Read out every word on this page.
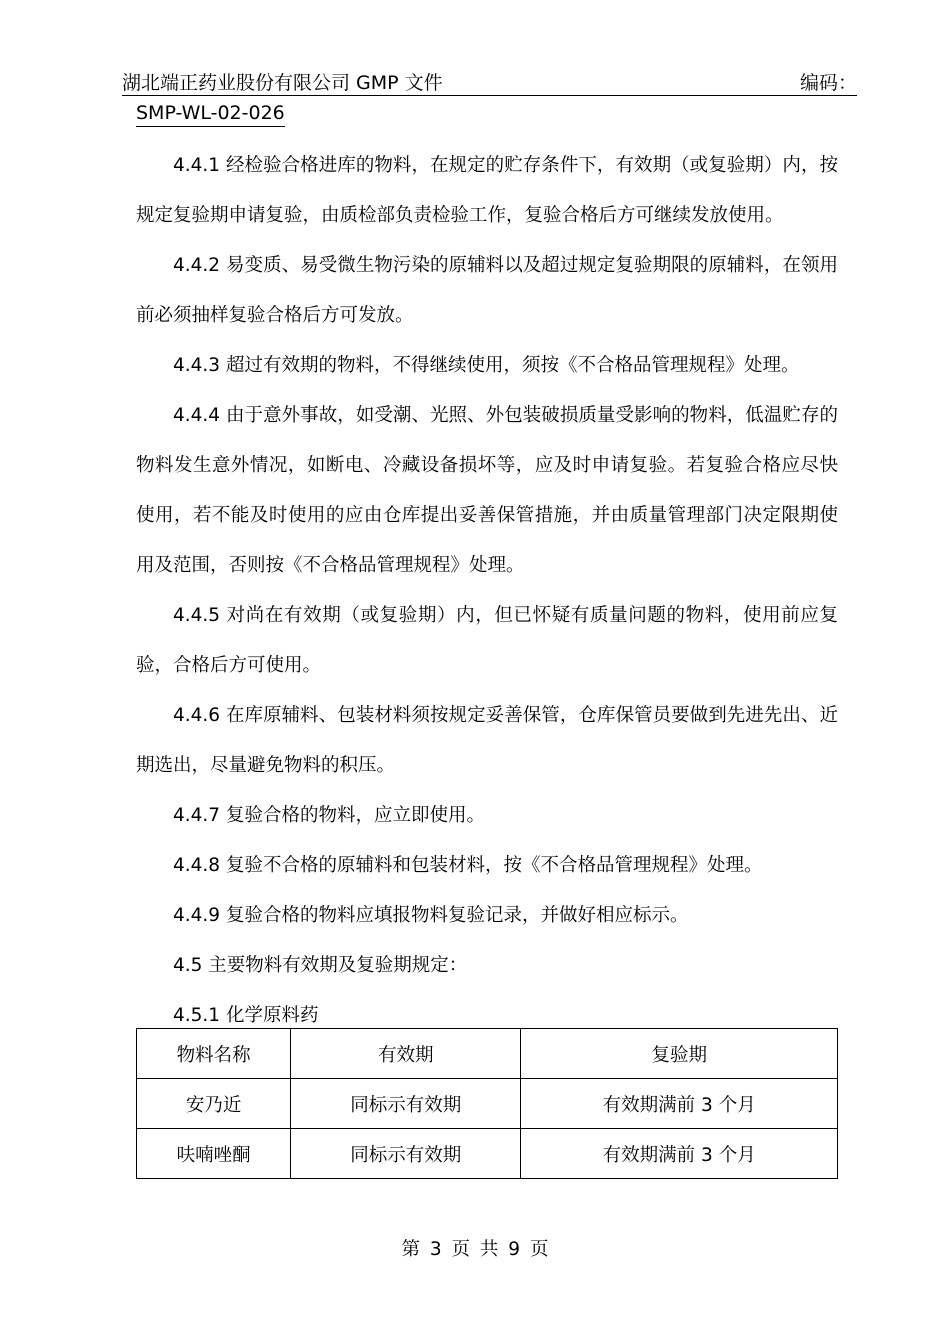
湖北端正药业股份有限公司 GMP 文件	编码：
SMP-WL-02-026

4.4.1 经检验合格进库的物料，在规定的贮存条件下，有效期（或复验期）内，按规定复验期申请复验，由质检部负责检验工作，复验合格后方可继续发放使用。

4.4.2 易变质、易受微生物污染的原辅料以及超过规定复验期限的原辅料，在领用前必须抽样复验合格后方可发放。

4.4.3 超过有效期的物料，不得继续使用，须按《不合格品管理规程》处理。

4.4.4 由于意外事故，如受潮、光照、外包装破损质量受影响的物料，低温贮存的物料发生意外情况，如断电、冷藏设备损坏等，应及时申请复验。若复验合格应尽快使用，若不能及时使用的应由仓库提出妥善保管措施，并由质量管理部门决定限期使用及范围，否则按《不合格品管理规程》处理。

4.4.5 对尚在有效期（或复验期）内，但已怀疑有质量问题的物料，使用前应复验，合格后方可使用。

4.4.6 在库原辅料、包装材料须按规定妥善保管，仓库保管员要做到先进先出、近期选出，尽量避免物料的积压。

4.4.7 复验合格的物料，应立即使用。

4.4.8 复验不合格的原辅料和包装材料，按《不合格品管理规程》处理。

4.4.9 复验合格的物料应填报物料复验记录，并做好相应标示。

4.5 主要物料有效期及复验期规定：

4.5.1 化学原料药

物料名称	有效期	复验期
安乃近	同标示有效期	有效期满前 3 个月
呋喃唑酮	同标示有效期	有效期满前 3 个月
第 3 页 共 9 页
